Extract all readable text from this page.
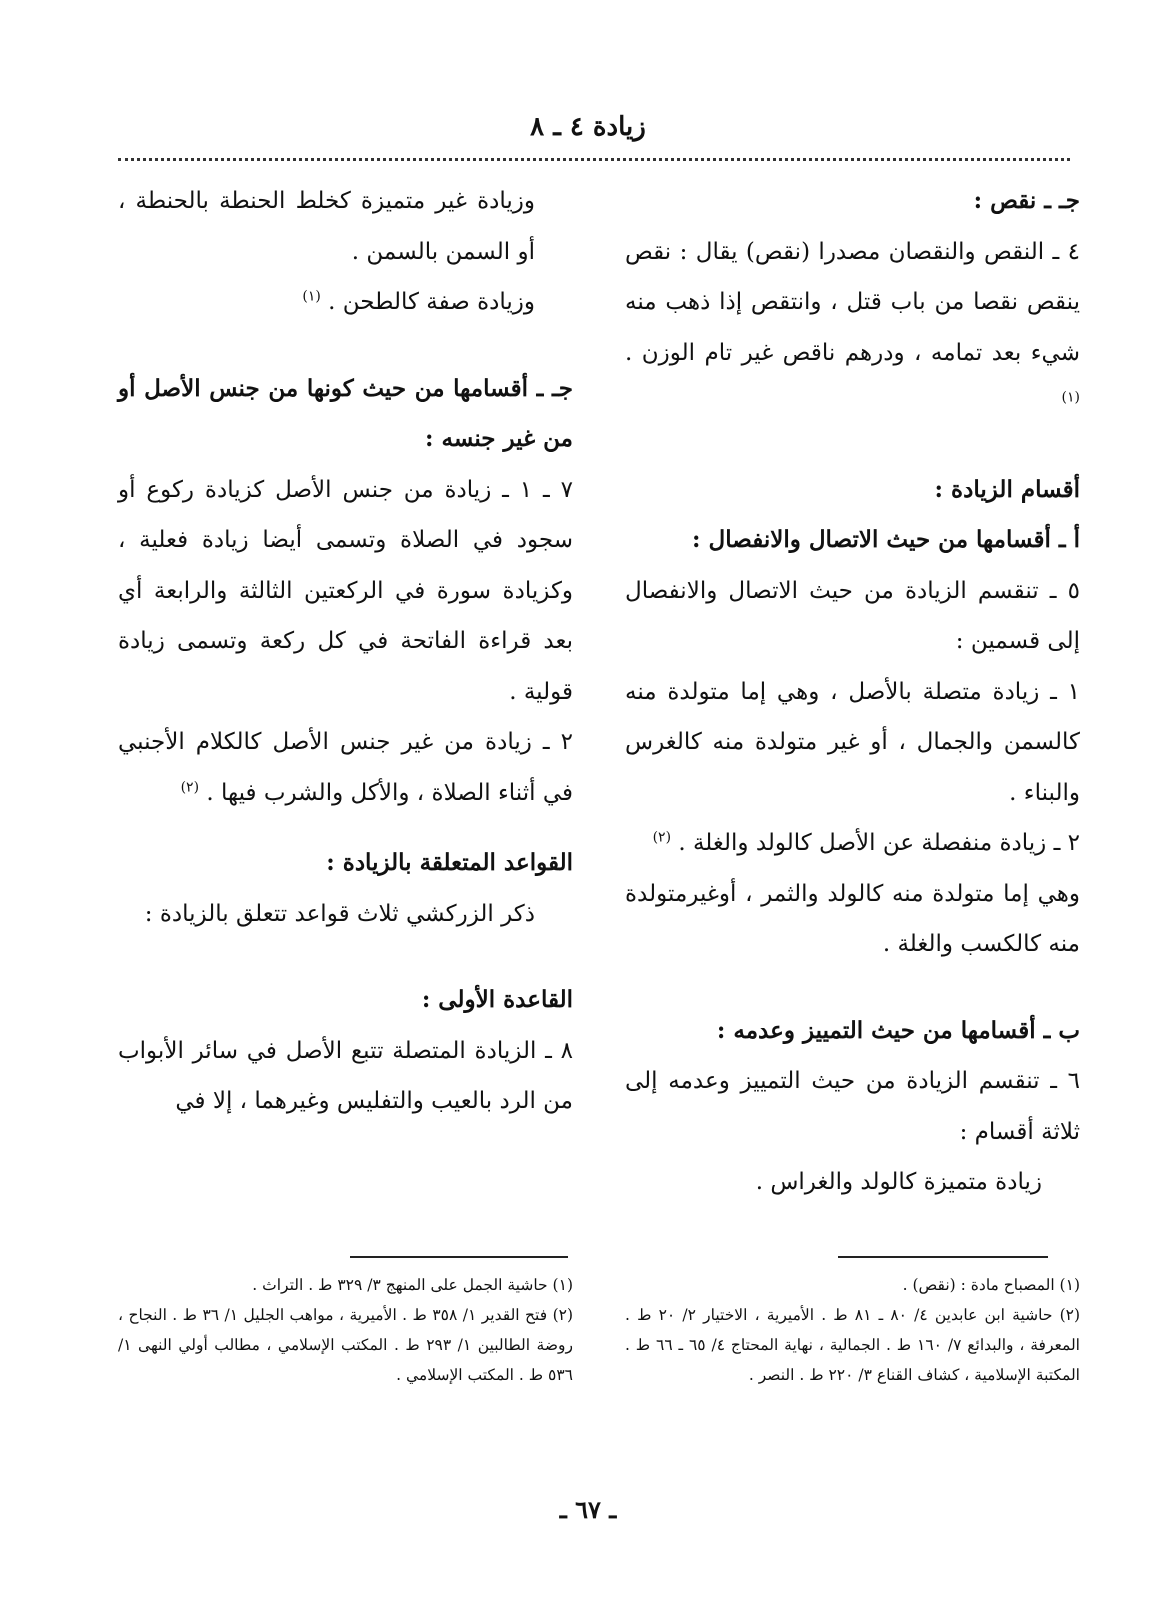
زيادة ٤ ـ ٨

جـ ـ نقص :

٤ ـ النقص والنقصان مصدرا (نقص) يقال : نقص ينقص نقصا من باب قتل ، وانتقص إذا ذهب منه شيء بعد تمامه ، ودرهم ناقص غير تام الوزن . $^{(١)}$

أقسام الزيادة :

أ ـ أقسامها من حيث الاتصال والانفصال :

٥ ـ تنقسم الزيادة من حيث الاتصال والانفصال إلى قسمين :

١ ـ زيادة متصلة بالأصل ، وهي إما متولدة منه كالسمن والجمال ، أو غير متولدة منه كالغرس والبناء .

٢ ـ زيادة منفصلة عن الأصل كالولد والغلة . $^{(٢)}$

وهي إما متولدة منه كالولد والثمر ، أوغيرمتولدة منه كالكسب والغلة .

ب ـ أقسامها من حيث التمييز وعدمه :

٦ ـ تنقسم الزيادة من حيث التمييز وعدمه إلى ثلاثة أقسام :

زيادة متميزة كالولد والغراس .

وزيادة غير متميزة كخلط الحنطة بالحنطة ، أو السمن بالسمن .

وزيادة صفة كالطحن . $^{(١)}$

جـ ـ أقسامها من حيث كونها من جنس الأصل أو من غير جنسه :

٧ ـ ١ ـ زيادة من جنس الأصل كزيادة ركوع أو سجود في الصلاة وتسمى أيضا زيادة فعلية ، وكزيادة سورة في الركعتين الثالثة والرابعة أي بعد قراءة الفاتحة في كل ركعة وتسمى زيادة قولية .

٢ ـ زيادة من غير جنس الأصل كالكلام الأجنبي في أثناء الصلاة ، والأكل والشرب فيها . $^{(٢)}$

القواعد المتعلقة بالزيادة :

ذكر الزركشي ثلاث قواعد تتعلق بالزيادة :

القاعدة الأولى :

٨ ـ الزيادة المتصلة تتبع الأصل في سائر الأبواب من الرد بالعيب والتفليس وغيرهما ، إلا في

(١) المصباح مادة : (نقص) .

(٢) حاشية ابن عابدين ٤/ ٨٠ ـ ٨١ ط . الأميرية ، الاختيار ٢/ ٢٠ ط . المعرفة ، والبدائع ٧/ ١٦٠ ط . الجمالية ، نهاية المحتاج ٤/ ٦٥ ـ ٦٦ ط . المكتبة الإسلامية ، كشاف القناع ٣/ ٢٢٠ ط . النصر .

(١) حاشية الجمل على المنهج ٣/ ٣٢٩ ط . التراث .

(٢) فتح القدير ١/ ٣٥٨ ط . الأميرية ، مواهب الجليل ١/ ٣٦ ط . النجاح ، روضة الطالبين ١/ ٢٩٣ ط . المكتب الإسلامي ، مطالب أولي النهى ١/ ٥٣٦ ط . المكتب الإسلامي .

ـ ٦٧ ـ
